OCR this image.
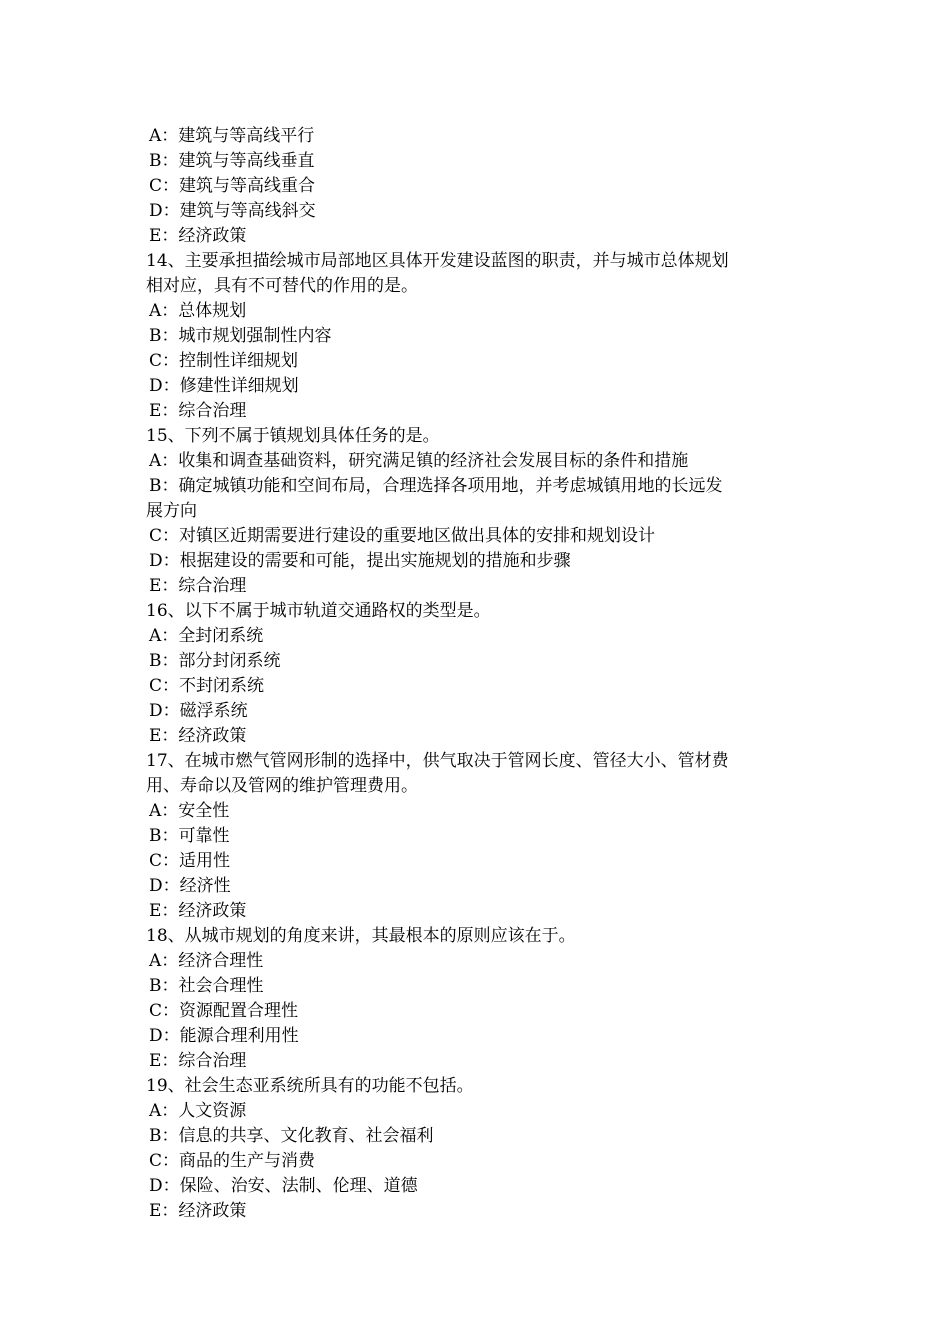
A：建筑与等高线平行
B：建筑与等高线垂直
C：建筑与等高线重合
D：建筑与等高线斜交
E：经济政策
14、主要承担描绘城市局部地区具体开发建设蓝图的职责，并与城市总体规划
相对应，具有不可替代的作用的是。
A：总体规划
B：城市规划强制性内容
C：控制性详细规划
D：修建性详细规划
E：综合治理
15、下列不属于镇规划具体任务的是。
A：收集和调查基础资料，研究满足镇的经济社会发展目标的条件和措施
B：确定城镇功能和空间布局，合理选择各项用地，并考虑城镇用地的长远发
展方向
C：对镇区近期需要进行建设的重要地区做出具体的安排和规划设计
D：根据建设的需要和可能，提出实施规划的措施和步骤
E：综合治理
16、以下不属于城市轨道交通路权的类型是。
A：全封闭系统
B：部分封闭系统
C：不封闭系统
D：磁浮系统
E：经济政策
17、在城市燃气管网形制的选择中，供气取决于管网长度、管径大小、管材费
用、寿命以及管网的维护管理费用。
A：安全性
B：可靠性
C：适用性
D：经济性
E：经济政策
18、从城市规划的角度来讲，其最根本的原则应该在于。
A：经济合理性
B：社会合理性
C：资源配置合理性
D：能源合理利用性
E：综合治理
19、社会生态亚系统所具有的功能不包括。
A：人文资源
B：信息的共享、文化教育、社会福利
C：商品的生产与消费
D：保险、治安、法制、伦理、道德
E：经济政策
